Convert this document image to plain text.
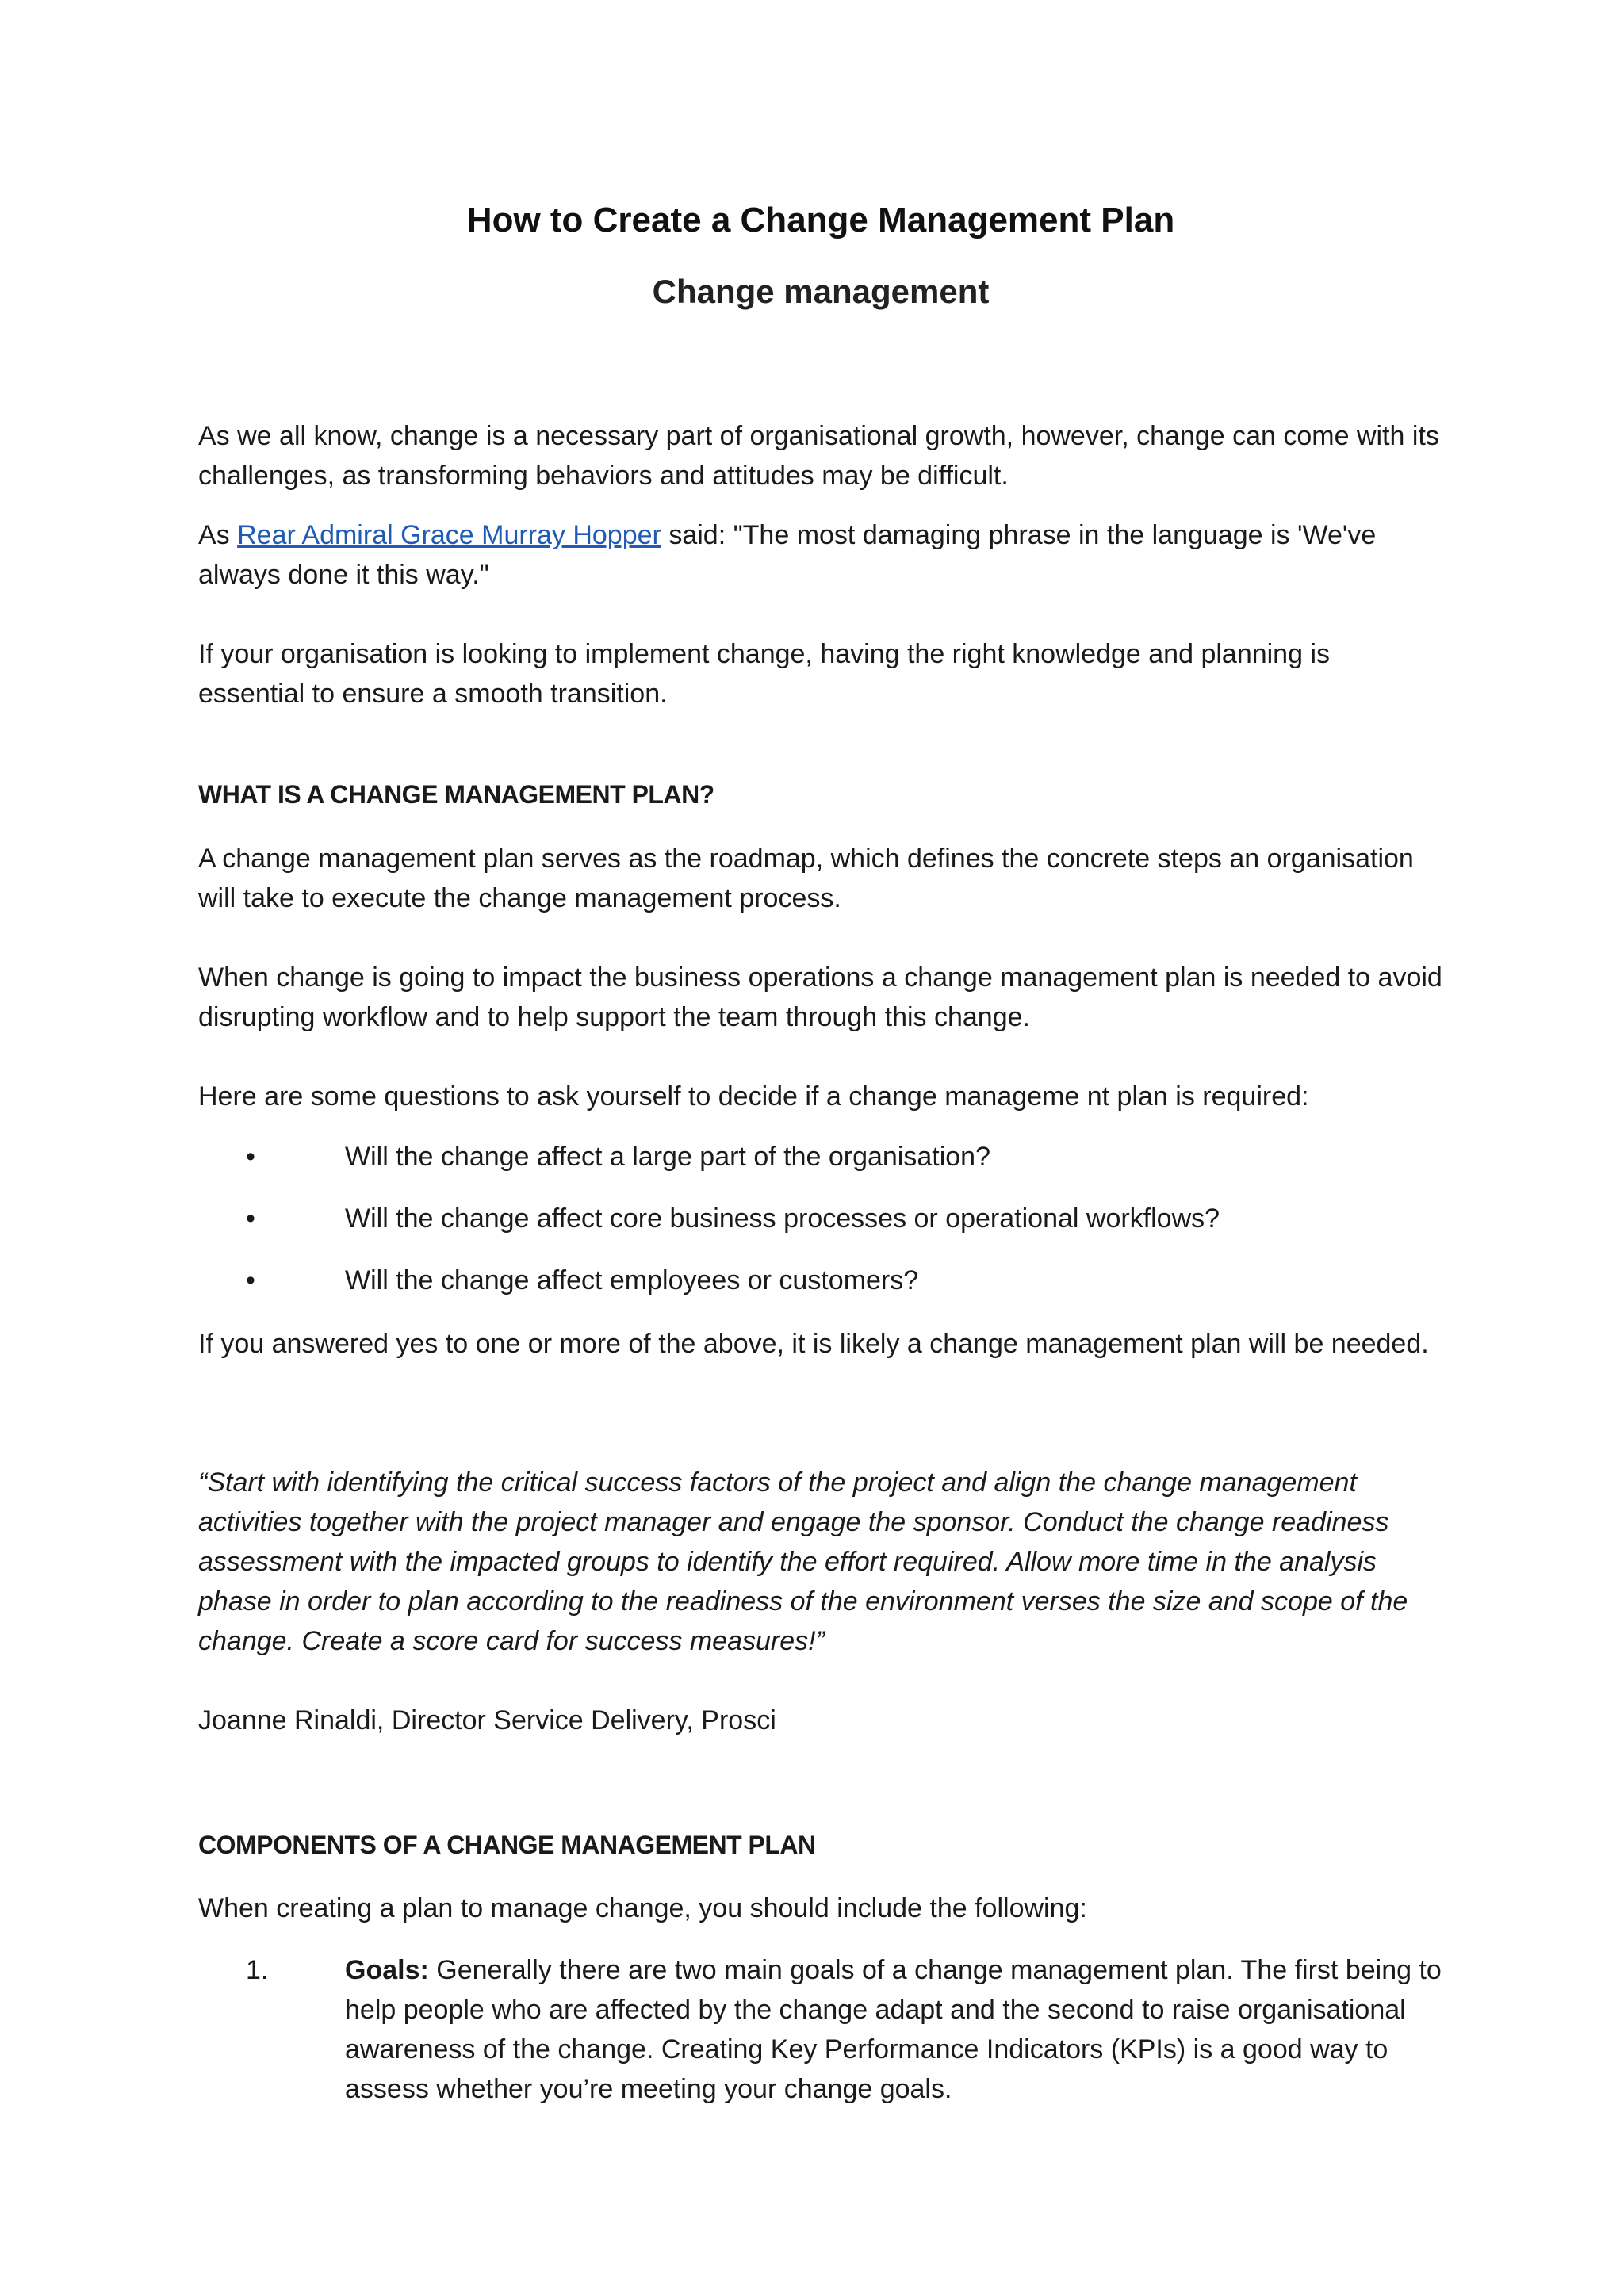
How to Create a Change Management Plan
Change management

As we all know, change is a necessary part of organisational growth, however, change can come with its challenges, as transforming behaviors and attitudes may be difficult.

As Rear Admiral Grace Murray Hopper said: "The most damaging phrase in the language is 'We've always done it this way."

If your organisation is looking to implement change, having the right knowledge and planning is essential to ensure a smooth transition.

WHAT IS A CHANGE MANAGEMENT PLAN?

A change management plan serves as the roadmap, which defines the concrete steps an organisation will take to execute the change management process.

When change is going to impact the business operations a change management plan is needed to avoid disrupting workflow and to help support the team through this change.

Here are some questions to ask yourself to decide if a change manageme nt plan is required:

•	Will the change affect a large part of the organisation?
•	Will the change affect core business processes or operational workflows?
•	Will the change affect employees or customers?

If you answered yes to one or more of the above, it is likely a change management plan will be needed.

“Start with identifying the critical success factors of the project and align the change management activities together with the project manager and engage the sponsor. Conduct the change readiness assessment with the impacted groups to identify the effort required. Allow more time in the analysis phase in order to plan according to the readiness of the environment verses the size and scope of the change. Create a score card for success measures!”

Joanne Rinaldi, Director Service Delivery, Prosci

COMPONENTS OF A CHANGE MANAGEMENT PLAN

When creating a plan to manage change, you should include the following:

1.	Goals: Generally there are two main goals of a change management plan. The first being to help people who are affected by the change adapt and the second to raise organisational awareness of the change. Creating Key Performance Indicators (KPIs) is a good way to assess whether you’re meeting your change goals.
